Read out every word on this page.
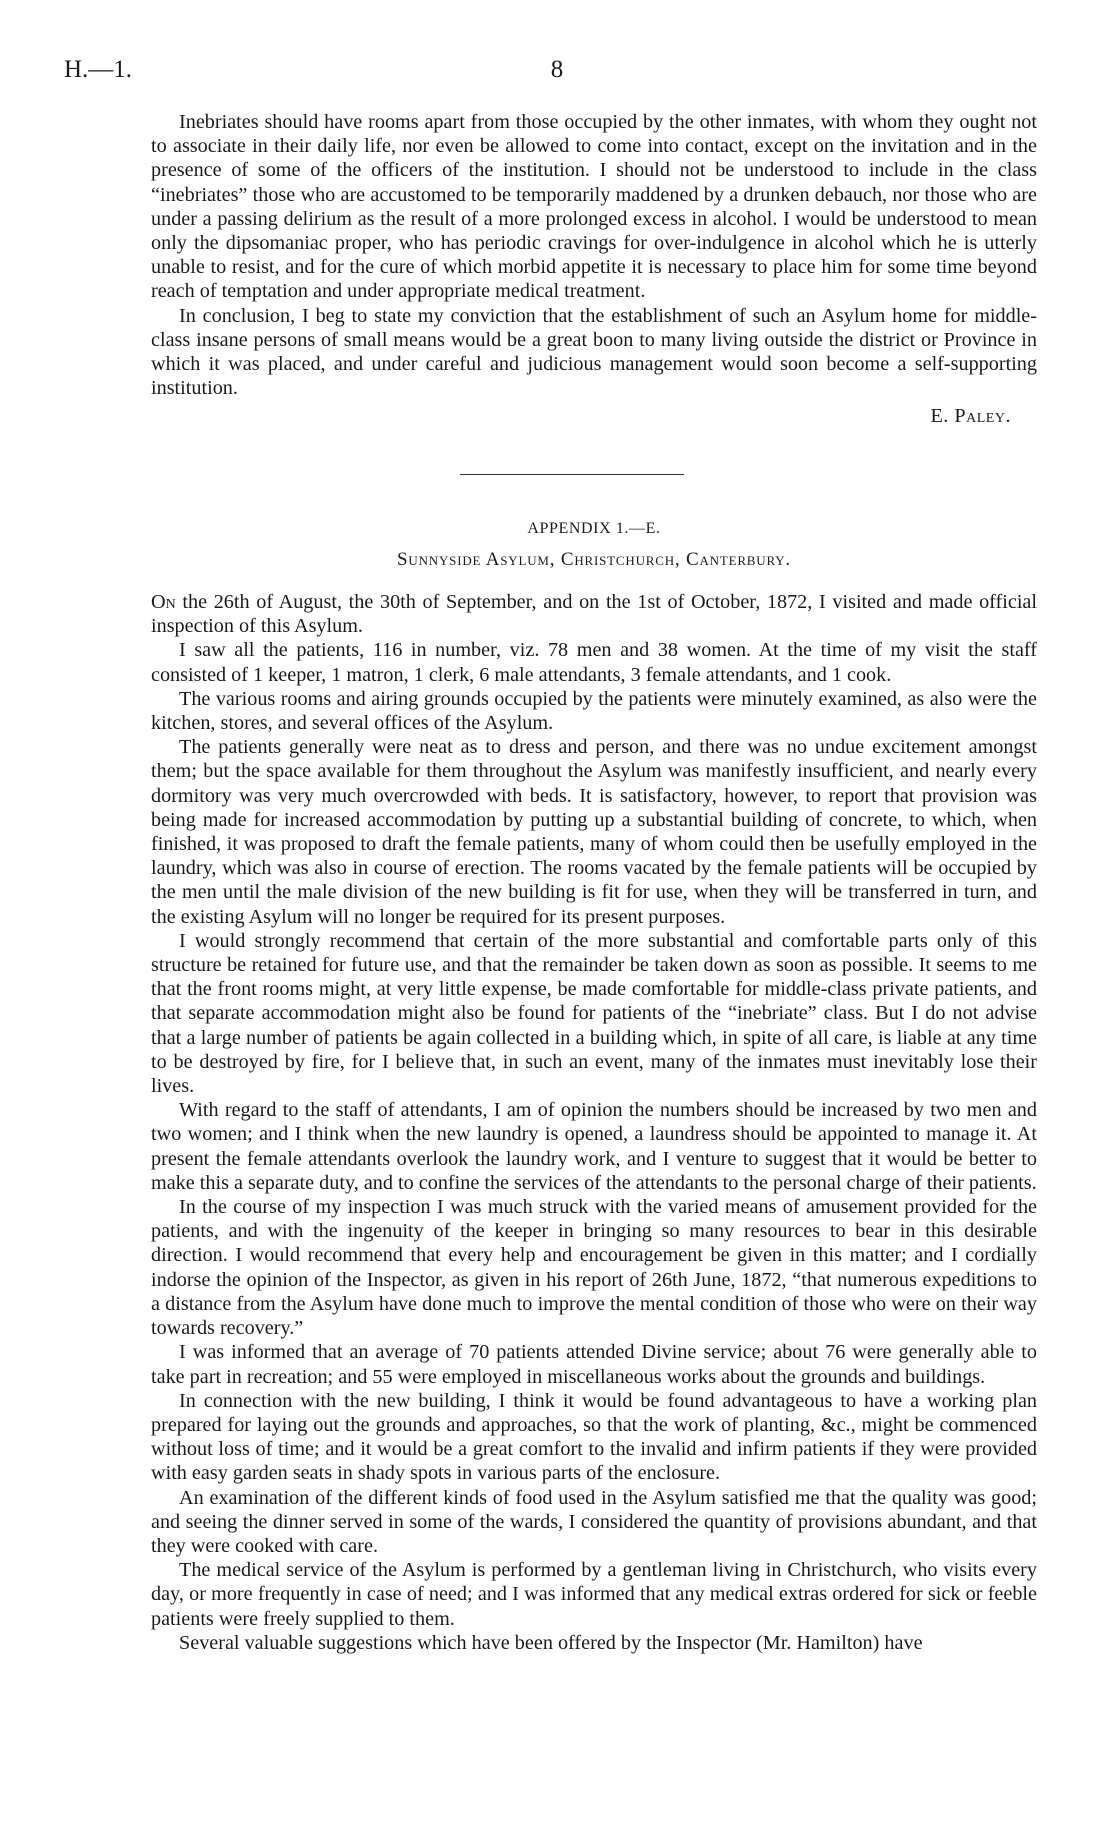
H.—1.	8

Inebriates should have rooms apart from those occupied by the other inmates, with whom they ought not to associate in their daily life, nor even be allowed to come into contact, except on the invitation and in the presence of some of the officers of the institution. I should not be understood to include in the class “inebriates” those who are accustomed to be temporarily maddened by a drunken debauch, nor those who are under a passing delirium as the result of a more prolonged excess in alcohol. I would be understood to mean only the dipsomaniac proper, who has periodic cravings for over-indulgence in alcohol which he is utterly unable to resist, and for the cure of which morbid appetite it is necessary to place him for some time beyond reach of temptation and under appropriate medical treatment.

In conclusion, I beg to state my conviction that the establishment of such an Asylum home for middle-class insane persons of small means would be a great boon to many living outside the district or Province in which it was placed, and under careful and judicious management would soon become a self-supporting institution.

E. Paley.
APPENDIX 1.—E.
Sunnyside Asylum, Christchurch, Canterbury.

On the 26th of August, the 30th of September, and on the 1st of October, 1872, I visited and made official inspection of this Asylum.

I saw all the patients, 116 in number, viz. 78 men and 38 women. At the time of my visit the staff consisted of 1 keeper, 1 matron, 1 clerk, 6 male attendants, 3 female attendants, and 1 cook.

The various rooms and airing grounds occupied by the patients were minutely examined, as also were the kitchen, stores, and several offices of the Asylum.

The patients generally were neat as to dress and person, and there was no undue excitement amongst them; but the space available for them throughout the Asylum was manifestly insufficient, and nearly every dormitory was very much overcrowded with beds. It is satisfactory, however, to report that provision was being made for increased accommodation by putting up a substantial building of concrete, to which, when finished, it was proposed to draft the female patients, many of whom could then be usefully employed in the laundry, which was also in course of erection. The rooms vacated by the female patients will be occupied by the men until the male division of the new building is fit for use, when they will be transferred in turn, and the existing Asylum will no longer be required for its present purposes.

I would strongly recommend that certain of the more substantial and comfortable parts only of this structure be retained for future use, and that the remainder be taken down as soon as possible. It seems to me that the front rooms might, at very little expense, be made comfortable for middle-class private patients, and that separate accommodation might also be found for patients of the “inebriate” class. But I do not advise that a large number of patients be again collected in a building which, in spite of all care, is liable at any time to be destroyed by fire, for I believe that, in such an event, many of the inmates must inevitably lose their lives.

With regard to the staff of attendants, I am of opinion the numbers should be increased by two men and two women; and I think when the new laundry is opened, a laundress should be appointed to manage it. At present the female attendants overlook the laundry work, and I venture to suggest that it would be better to make this a separate duty, and to confine the services of the attendants to the personal charge of their patients.

In the course of my inspection I was much struck with the varied means of amusement provided for the patients, and with the ingenuity of the keeper in bringing so many resources to bear in this desirable direction. I would recommend that every help and encouragement be given in this matter; and I cordially indorse the opinion of the Inspector, as given in his report of 26th June, 1872, “that numerous expeditions to a distance from the Asylum have done much to improve the mental condition of those who were on their way towards recovery.”

I was informed that an average of 70 patients attended Divine service; about 76 were generally able to take part in recreation; and 55 were employed in miscellaneous works about the grounds and buildings.

In connection with the new building, I think it would be found advantageous to have a working plan prepared for laying out the grounds and approaches, so that the work of planting, &c., might be commenced without loss of time; and it would be a great comfort to the invalid and infirm patients if they were provided with easy garden seats in shady spots in various parts of the enclosure.

An examination of the different kinds of food used in the Asylum satisfied me that the quality was good; and seeing the dinner served in some of the wards, I considered the quantity of provisions abundant, and that they were cooked with care.

The medical service of the Asylum is performed by a gentleman living in Christchurch, who visits every day, or more frequently in case of need; and I was informed that any medical extras ordered for sick or feeble patients were freely supplied to them.

Several valuable suggestions which have been offered by the Inspector (Mr. Hamilton) have
